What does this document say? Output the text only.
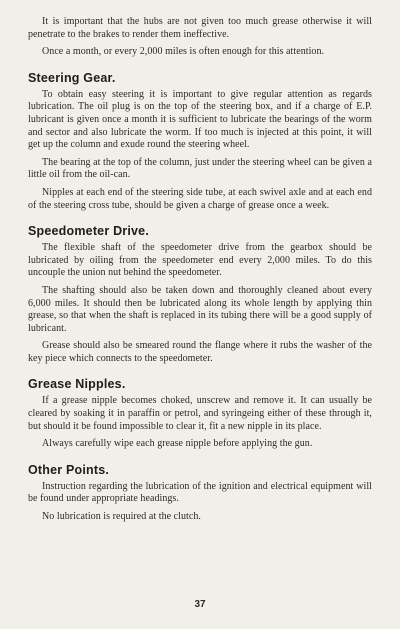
It is important that the hubs are not given too much grease otherwise it will penetrate to the brakes to render them ineffective.

Once a month, or every 2,000 miles is often enough for this attention.

Steering Gear.

To obtain easy steering it is important to give regular attention as regards lubrication. The oil plug is on the top of the steering box, and if a charge of E.P. lubricant is given once a month it is sufficient to lubricate the bearings of the worm and sector and also lubricate the worm. If too much is injected at this point, it will get up the column and exude round the steering wheel.

The bearing at the top of the column, just under the steering wheel can be given a little oil from the oil-can.

Nipples at each end of the steering side tube, at each swivel axle and at each end of the steering cross tube, should be given a charge of grease once a week.

Speedometer Drive.

The flexible shaft of the speedometer drive from the gearbox should be lubricated by oiling from the speedometer end every 2,000 miles. To do this uncouple the union nut behind the speedometer.

The shafting should also be taken down and thoroughly cleaned about every 6,000 miles. It should then be lubricated along its whole length by applying thin grease, so that when the shaft is replaced in its tubing there will be a good supply of lubricant.

Grease should also be smeared round the flange where it rubs the washer of the key piece which connects to the speedometer.

Grease Nipples.

If a grease nipple becomes choked, unscrew and remove it. It can usually be cleared by soaking it in paraffin or petrol, and syringeing either of these through it, but should it be found impossible to clear it, fit a new nipple in its place.

Always carefully wipe each grease nipple before applying the gun.

Other Points.

Instruction regarding the lubrication of the ignition and electrical equipment will be found under appropriate headings.

No lubrication is required at the clutch.

37
